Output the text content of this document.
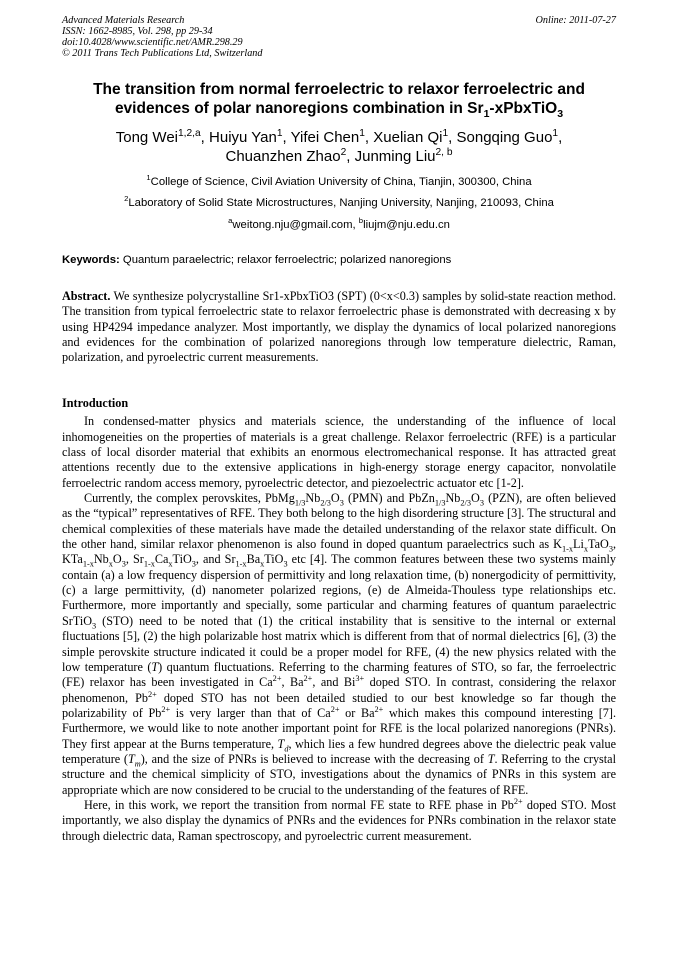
Advanced Materials Research
ISSN: 1662-8985, Vol. 298, pp 29-34
doi:10.4028/www.scientific.net/AMR.298.29
© 2011 Trans Tech Publications Ltd, Switzerland
Online: 2011-07-27
The transition from normal ferroelectric to relaxor ferroelectric and
evidences of polar nanoregions combination in $Sr_1-xPbxTiO_3$
Tong Wei$^{1,2,a}$, Huiyu Yan$^1$, Yifei Chen$^1$, Xuelian Qi$^1$, Songqing Guo$^1$,
Chuanzhen Zhao$^2$, Junming Liu$^{2, b}$
$^1$College of Science, Civil Aviation University of China, Tianjin, 300300, China
$^2$Laboratory of Solid State Microstructures, Nanjing University, Nanjing, 210093, China
$^a$weitong.nju@gmail.com, $^b$liujm@nju.edu.cn
Keywords: Quantum paraelectric; relaxor ferroelectric; polarized nanoregions

Abstract. We synthesize polycrystalline Sr1-xPbxTiO3 (SPT) (0<x<0.3) samples by solid-state reaction method. The transition from typical ferroelectric state to relaxor ferroelectric phase is demonstrated with decreasing x by using HP4294 impedance analyzer. Most importantly, we display the dynamics of local polarized nanoregions and evidences for the combination of polarized nanoregions through low temperature dielectric, Raman, polarization, and pyroelectric current measurements.

Introduction

In condensed-matter physics and materials science, the understanding of the influence of local inhomogeneities on the properties of materials is a great challenge. Relaxor ferroelectric (RFE) is a particular class of local disorder material that exhibits an enormous electromechanical response. It has attracted great attentions recently due to the extensive applications in high-energy storage energy capacitor, nonvolatile ferroelectric random access memory, pyroelectric detector, and piezoelectric actuator etc [1-2].

Currently, the complex perovskites, $PbMg_{1/3}Nb_{2/3}O_3$ (PMN) and $PbZn_{1/3}Nb_{2/3}O_3$ (PZN), are often believed as the “typical” representatives of RFE. They both belong to the high disordering structure [3]. The structural and chemical complexities of these materials have made the detailed understanding of the relaxor state difficult. On the other hand, similar relaxor phenomenon is also found in doped quantum paraelectrics such as $K_{1-x}Li_xTaO_3$, $KTa_{1-x}Nb_xO_3$, $Sr_{1-x}Ca_xTiO_3$, and $Sr_{1-x}Ba_xTiO_3$ etc [4]. The common features between these two systems mainly contain (a) a low frequency dispersion of permittivity and long relaxation time, (b) nonergodicity of permittivity, (c) a large permittivity, (d) nanometer polarized regions, (e) de Almeida-Thouless type relationships etc. Furthermore, more importantly and specially, some particular and charming features of quantum paraelectric SrTiO$_3$ (STO) need to be noted that (1) the critical instability that is sensitive to the internal or external fluctuations [5], (2) the high polarizable host matrix which is different from that of normal dielectrics [6], (3) the simple perovskite structure indicated it could be a proper model for RFE, (4) the new physics related with the low temperature (T) quantum fluctuations. Referring to the charming features of STO, so far, the ferroelectric (FE) relaxor has been investigated in $Ca^{2+}$, $Ba^{2+}$, and $Bi^{3+}$ doped STO. In contrast, considering the relaxor phenomenon, $Pb^{2+}$ doped STO has not been detailed studied to our best knowledge so far though the polarizability of $Pb^{2+}$ is very larger than that of $Ca^{2+}$ or $Ba^{2+}$ which makes this compound interesting [7]. Furthermore, we would like to note another important point for RFE is the local polarized nanoregions (PNRs). They first appear at the Burns temperature, $T_d$, which lies a few hundred degrees above the dielectric peak value temperature $(T_m)$, and the size of PNRs is believed to increase with the decreasing of T. Referring to the crystal structure and the chemical simplicity of STO, investigations about the dynamics of PNRs in this system are appropriate which are now considered to be crucial to the understanding of the features of RFE.

Here, in this work, we report the transition from normal FE state to RFE phase in $Pb^{2+}$ doped STO. Most importantly, we also display the dynamics of PNRs and the evidences for PNRs combination in the relaxor state through dielectric data, Raman spectroscopy, and pyroelectric current measurement.
